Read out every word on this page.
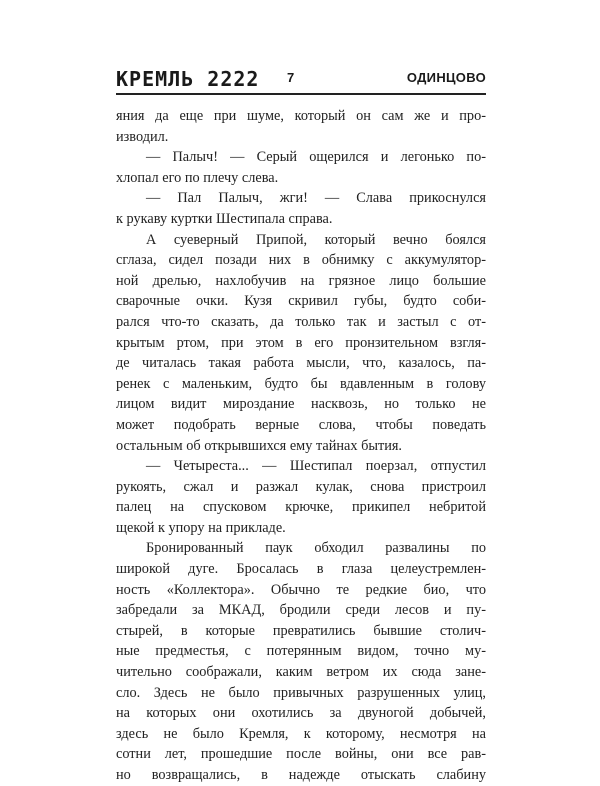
КРЕМЛЬ 2222 7	ОДИНЦОВО
яния да еще при шуме, который он сам же и про-
изводил.
— Палыч! — Серый ощерился и легонько по-
хлопал его по плечу слева.
— Пал Палыч, жги! — Слава прикоснулся
к рукаву куртки Шестипала справа.
А суеверный Припой, который вечно боялся
сглаза, сидел позади них в обнимку с аккумулятор-
ной дрелью, нахлобучив на грязное лицо большие
сварочные очки. Кузя скривил губы, будто соби-
рался что-то сказать, да только так и застыл с от-
крытым ртом, при этом в его пронзительном взгля-
де читалась такая работа мысли, что, казалось, па-
ренек с маленьким, будто бы вдавленным в голову
лицом видит мироздание насквозь, но только не
может подобрать верные слова, чтобы поведать
остальным об открывшихся ему тайнах бытия.
— Четыреста... — Шестипал поерзал, отпустил
рукоять, сжал и разжал кулак, снова пристроил
палец на спусковом крючке, прикипел небритой
щекой к упору на прикладе.
Бронированный паук обходил развалины по
широкой дуге. Бросалась в глаза целеустремлен-
ность «Коллектора». Обычно те редкие био, что
забредали за МКАД, бродили среди лесов и пу-
стырей, в которые превратились бывшие столич-
ные предместья, с потерянным видом, точно му-
чительно соображали, каким ветром их сюда зане-
сло. Здесь не было привычных разрушенных улиц,
на которых они охотились за двуногой добычей,
здесь не было Кремля, к которому, несмотря на
сотни лет, прошедшие после войны, они все рав-
но возвращались, в надежде отыскать слабину
